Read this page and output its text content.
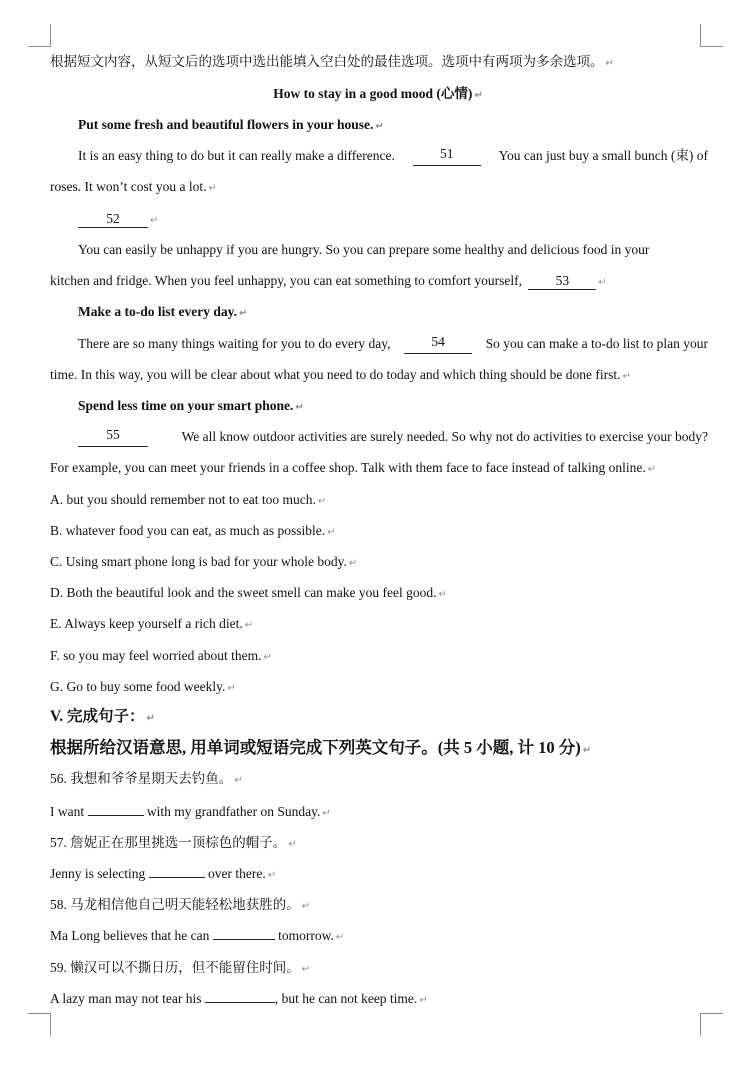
根据短文内容，从短文后的选项中选出能填入空白处的最佳选项。选项中有两项为多余选项。 ↵
How to stay in a good mood (心情) ↵
Put some fresh and beautiful flowers in your house. ↵
It is an easy thing to do but it can really make a difference.	51	You can just buy a small bunch (束) of
roses. It won’t cost you a lot. ↵
52	↵
You can easily be unhappy if you are hungry. So you can prepare some healthy and delicious food in your
kitchen and fridge. When you feel unhappy, you can eat something to comfort yourself, 53	↵
Make a to-do list every day. ↵
There are so many things waiting for you to do every day,	54	So you can make a to-do list to plan your
time. In this way, you will be clear about what you need to do today and which thing should be done first. ↵
Spend less time on your smart phone. ↵
55	We all know outdoor activities are surely needed. So why not do activities to exercise your body?
For example, you can meet your friends in a coffee shop. Talk with them face to face instead of talking online. ↵
A. but you should remember not to eat too much. ↵
B. whatever food you can eat, as much as possible. ↵
C. Using smart phone long is bad for your whole body. ↵
D. Both the beautiful look and the sweet smell can make you feel good. ↵
E. Always keep yourself a rich diet. ↵
F. so you may feel worried about them. ↵
G. Go to buy some food weekly. ↵
V. 完成句子： ↵
根据所给汉语意思, 用单词或短语完成下列英文句子。(共 5 小题, 计 10 分) ↵
56. 我想和爷爷星期天去钓鱼。 ↵
I want	with my grandfather on Sunday. ↵
57. 詹妮正在那里挑选一顶棕色的帽子。 ↵
Jenny is selecting	over there. ↵
58. 马龙相信他自己明天能轻松地获胜的。 ↵
Ma Long believes that he can	tomorrow. ↵
59. 懒汉可以不撕日历，但不能留住时间。 ↵
A lazy man may not tear his	, but he can not keep time. ↵
